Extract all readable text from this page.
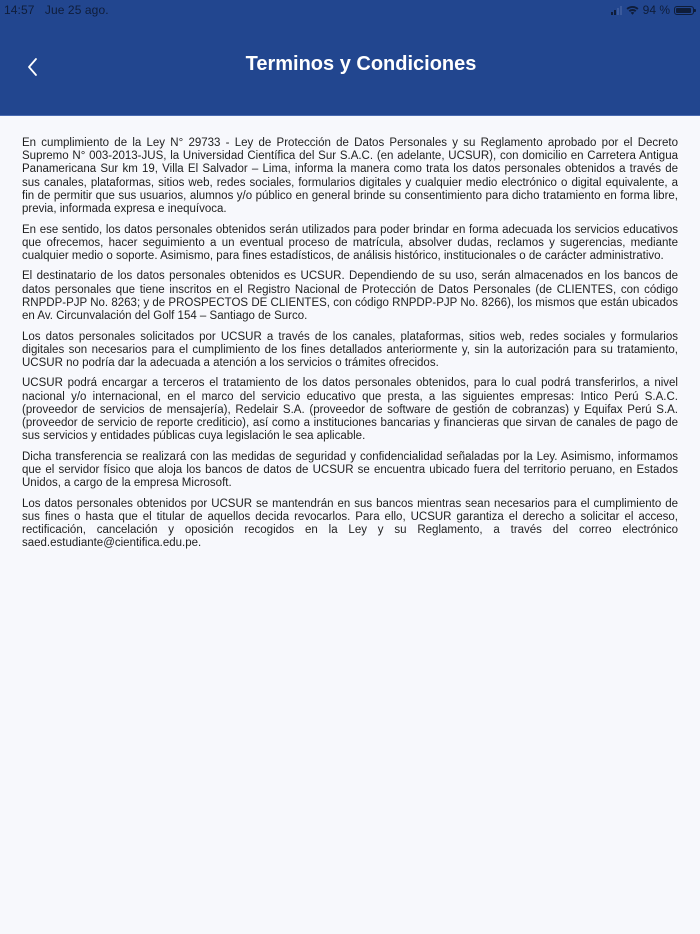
14:57 Jue 25 ago.	94 %
Terminos y Condiciones

En cumplimiento de la Ley N° 29733 - Ley de Protección de Datos Personales y su Reglamento aprobado por el Decreto Supremo N° 003-2013-JUS, la Universidad Científica del Sur S.A.C. (en adelante, UCSUR), con domicilio en Carretera Antigua Panamericana Sur km 19, Villa El Salvador – Lima, informa la manera como trata los datos personales obtenidos a través de sus canales, plataformas, sitios web, redes sociales, formularios digitales y cualquier medio electrónico o digital equivalente, a fin de permitir que sus usuarios, alumnos y/o público en general brinde su consentimiento para dicho tratamiento en forma libre, previa, informada expresa e inequívoca.

En ese sentido, los datos personales obtenidos serán utilizados para poder brindar en forma adecuada los servicios educativos que ofrecemos, hacer seguimiento a un eventual proceso de matrícula, absolver dudas, reclamos y sugerencias, mediante cualquier medio o soporte. Asimismo, para fines estadísticos, de análisis histórico, institucionales o de carácter administrativo.

El destinatario de los datos personales obtenidos es UCSUR. Dependiendo de su uso, serán almacenados en los bancos de datos personales que tiene inscritos en el Registro Nacional de Protección de Datos Personales (de CLIENTES, con código RNPDP-PJP No. 8263; y de PROSPECTOS DE CLIENTES, con código RNPDP-PJP No. 8266), los mismos que están ubicados en Av. Circunvalación del Golf 154 – Santiago de Surco.

Los datos personales solicitados por UCSUR a través de los canales, plataformas, sitios web, redes sociales y formularios digitales son necesarios para el cumplimiento de los fines detallados anteriormente y, sin la autorización para su tratamiento, UCSUR no podría dar la adecuada a atención a los servicios o trámites ofrecidos.

UCSUR podrá encargar a terceros el tratamiento de los datos personales obtenidos, para lo cual podrá transferirlos, a nivel nacional y/o internacional, en el marco del servicio educativo que presta, a las siguientes empresas: Intico Perú S.A.C. (proveedor de servicios de mensajería), Redelair S.A. (proveedor de software de gestión de cobranzas) y Equifax Perú S.A. (proveedor de servicio de reporte crediticio), así como a instituciones bancarias y financieras que sirvan de canales de pago de sus servicios y entidades públicas cuya legislación le sea aplicable.

Dicha transferencia se realizará con las medidas de seguridad y confidencialidad señaladas por la Ley. Asimismo, informamos que el servidor físico que aloja los bancos de datos de UCSUR se encuentra ubicado fuera del territorio peruano, en Estados Unidos, a cargo de la empresa Microsoft.

Los datos personales obtenidos por UCSUR se mantendrán en sus bancos mientras sean necesarios para el cumplimiento de sus fines o hasta que el titular de aquellos decida revocarlos. Para ello, UCSUR garantiza el derecho a solicitar el acceso, rectificación, cancelación y oposición recogidos en la Ley y su Reglamento, a través del correo electrónico saed.estudiante@cientifica.edu.pe.
